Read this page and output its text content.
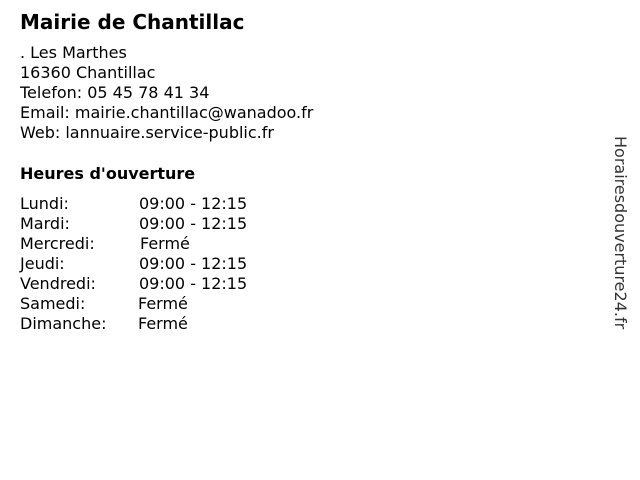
Mairie de Chantillac
. Les Marthes
16360 Chantillac
Telefon: 05 45 78 41 34
Email: mairie.chantillac@wanadoo.fr
Web: lannuaire.service-public.fr
Heures d'ouverture
Lundi:	09:00 - 12:15
Mardi:	09:00 - 12:15
Mercredi:	Fermé
Jeudi:	09:00 - 12:15
Vendredi:	09:00 - 12:15
Samedi:	Fermé
Dimanche: Fermé	Horairesdouverture24.fr
